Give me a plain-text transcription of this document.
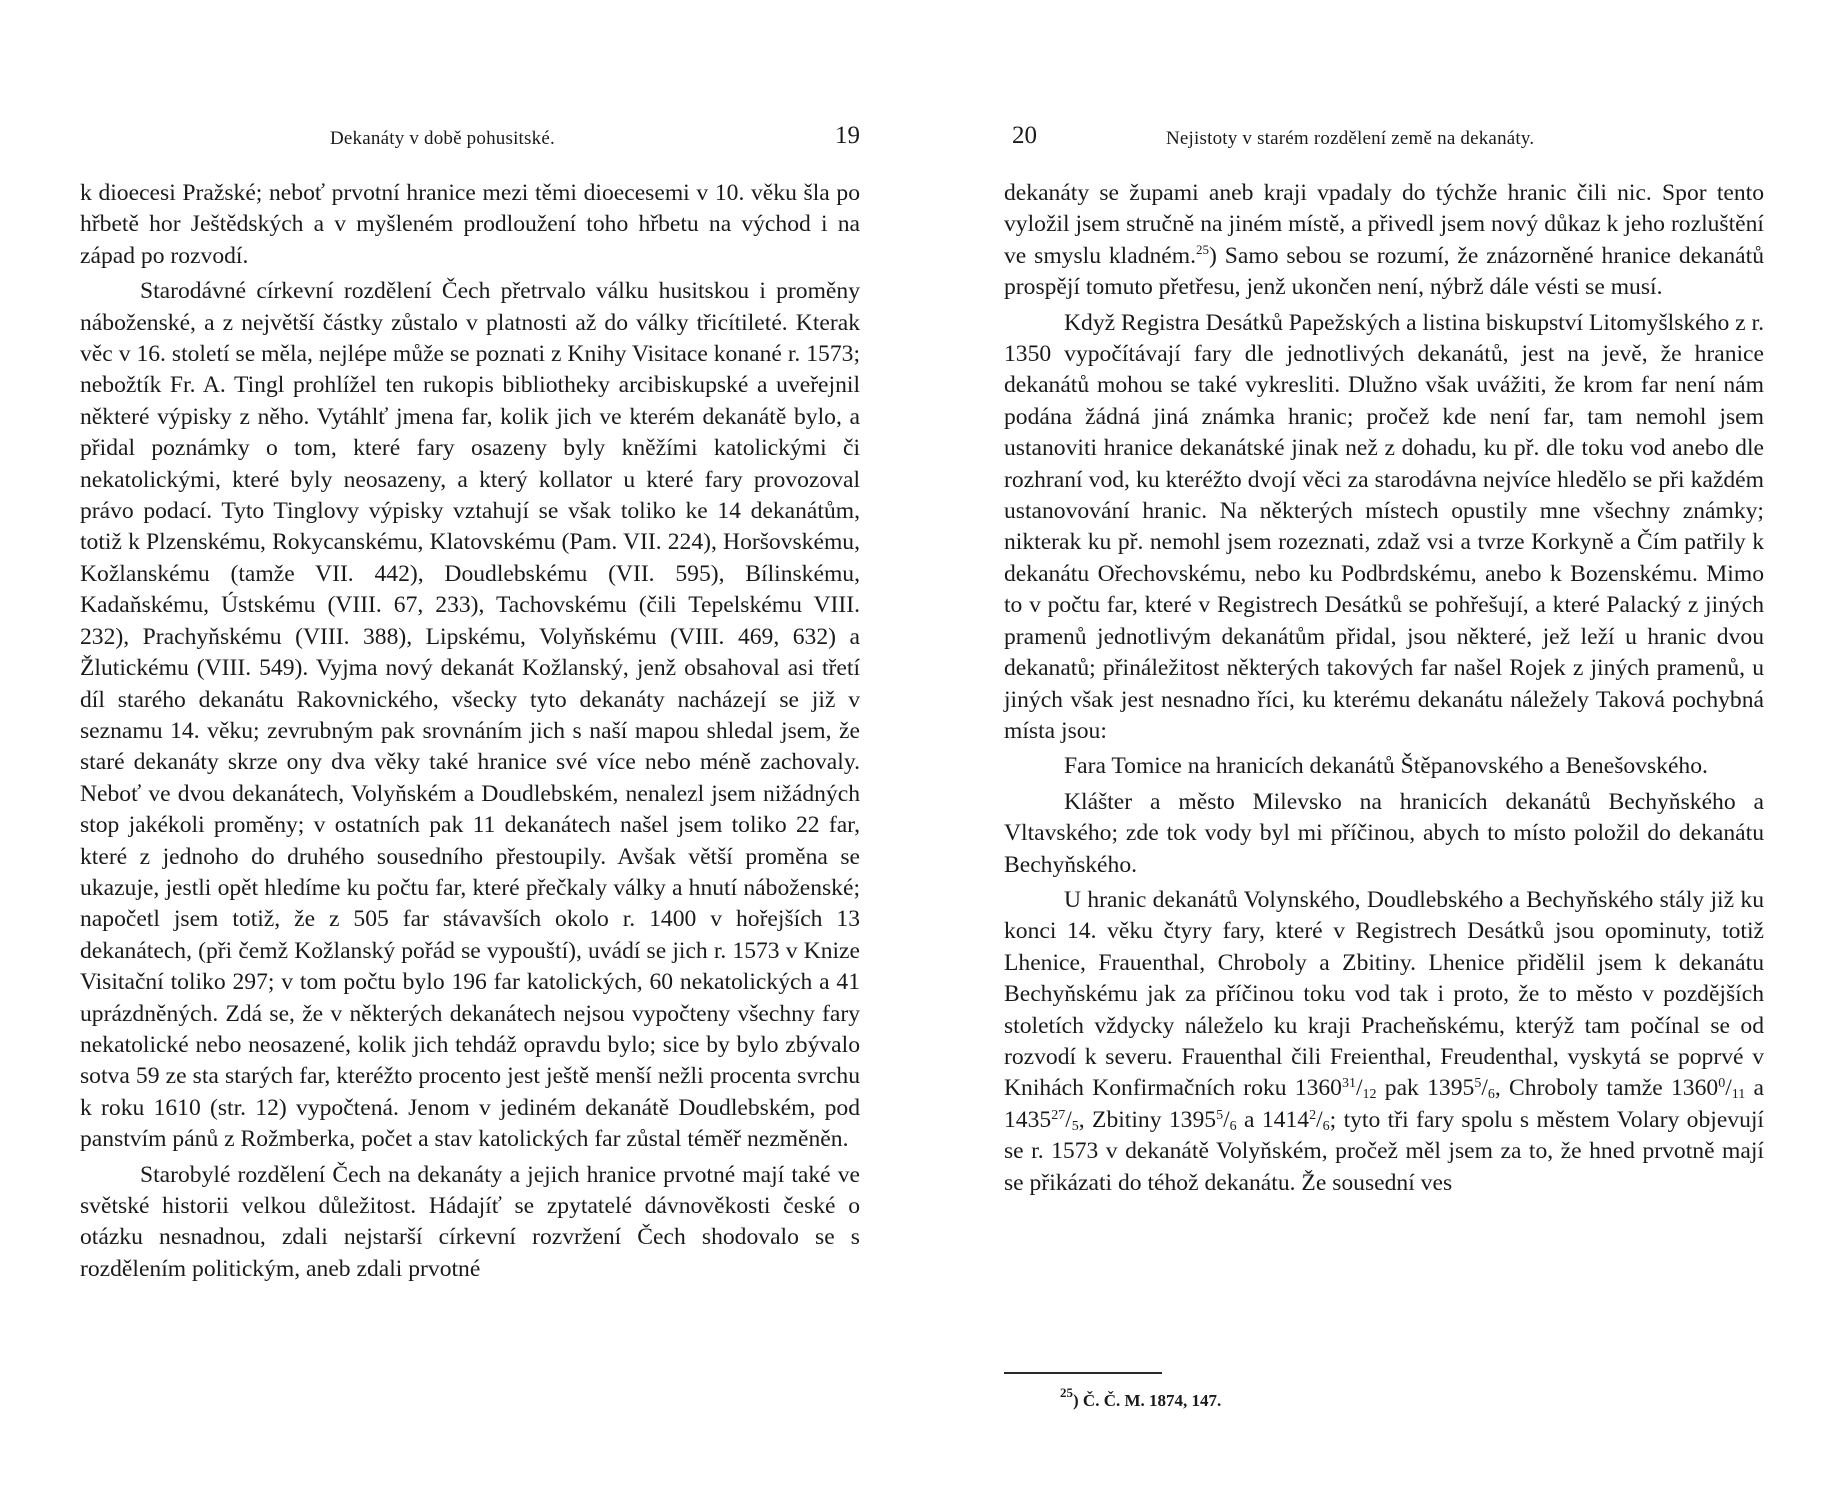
Dekanáty v době pohusitské.	19

k dioecesi Pražské; neboť prvotní hranice mezi těmi dioecesemi v 10. věku šla po hřbetě hor Ještědských a v myšleném prodloužení toho hřbetu na východ i na západ po rozvodí.

Starodávné církevní rozdělení Čech přetrvalo válku husitskou i proměny náboženské, a z největší částky zůstalo v platnosti až do války třicítileté. Kterak věc v 16. století se měla, nejlépe může se poznati z Knihy Visitace konané r. 1573; nebožtík Fr. A. Tingl prohlížel ten rukopis bibliotheky arcibiskupské a uveřejnil některé výpisky z něho. Vytáhlť jmena far, kolik jich ve kterém dekanátě bylo, a přidal poznámky o tom, které fary osazeny byly kněžími katolickými či nekatolickými, které byly neosazeny, a který kollator u které fary provozoval právo podací. Tyto Tinglovy výpisky vztahují se však toliko ke 14 dekanátům, totiž k Plzenskému, Rokycanskému, Klatovskému (Pam. VII. 224), Horšovskému, Kožlanskému (tamže VII. 442), Doudlebskému (VII. 595), Bílinskému, Kadaňskému, Ústskému (VIII. 67, 233), Tachovskému (čili Tepelskému VIII. 232), Prachyňskému (VIII. 388), Lipskému, Volyňskému (VIII. 469, 632) a Žlutickému (VIII. 549). Vyjma nový dekanát Kožlanský, jenž obsahoval asi třetí díl starého dekanátu Rakovnického, všecky tyto dekanáty nacházejí se již v seznamu 14. věku; zevrubným pak srovnáním jich s naší mapou shledal jsem, že staré dekanáty skrze ony dva věky také hranice své více nebo méně zachovaly. Neboť ve dvou dekanátech, Volyňském a Doudlebském, nenalezl jsem nižádných stop jakékoli proměny; v ostatních pak 11 dekanátech našel jsem toliko 22 far, které z jednoho do druhého sousedního přestoupily. Avšak větší proměna se ukazuje, jestli opět hledíme ku počtu far, které přečkaly války a hnutí náboženské; napočetl jsem totiž, že z 505 far stávavších okolo r. 1400 v hořejších 13 dekanátech, (při čemž Kožlanský pořád se vypouští), uvádí se jich r. 1573 v Knize Visitační toliko 297; v tom počtu bylo 196 far katolických, 60 nekatolických a 41 uprázdněných. Zdá se, že v některých dekanátech nejsou vypočteny všechny fary nekatolické nebo neosazené, kolik jich tehdáž opravdu bylo; sice by bylo zbývalo sotva 59 ze sta starých far, kteréžto procento jest ještě menší nežli procenta svrchu k roku 1610 (str. 12) vypočtená. Jenom v jediném dekanátě Doudlebském, pod panstvím pánů z Rožmberka, počet a stav katolických far zůstal téměř nezměněn.

Starobylé rozdělení Čech na dekanáty a jejich hranice prvotné mají také ve světské historii velkou důležitost. Hádajíť se zpytatelé dávnověkosti české o otázku nesnadnou, zdali nejstarší církevní rozvržení Čech shodovalo se s rozdělením politickým, aneb zdali prvotné

20	Nejistoty v starém rozdělení země na dekanáty.

dekanáty se župami aneb kraji vpadaly do týchže hranic čili nic. Spor tento vyložil jsem stručně na jiném místě, a přivedl jsem nový důkaz k jeho rozluštění ve smyslu kladném.$^{25}$) Samo sebou se rozumí, že znázorněné hranice dekanátů prospějí tomuto přetřesu, jenž ukončen není, nýbrž dále vésti se musí.

Když Registra Desátků Papežských a listina biskupství Litomyšlského z r. 1350 vypočítávají fary dle jednotlivých dekanátů, jest na jevě, že hranice dekanátů mohou se také vykresliti. Dlužno však uvážiti, že krom far není nám podána žádná jiná známka hranic; pročež kde není far, tam nemohl jsem ustanoviti hranice dekanátské jinak než z dohadu, ku př. dle toku vod anebo dle rozhraní vod, ku kteréžto dvojí věci za starodávna nejvíce hledělo se při každém ustanovování hranic. Na některých místech opustily mne všechny známky; nikterak ku př. nemohl jsem rozeznati, zdaž vsi a tvrze Korkyně a Čím patřily k dekanátu Ořechovskému, nebo ku Podbrdskému, anebo k Bozenskému. Mimo to v počtu far, které v Registrech Desátků se pohřešují, a které Palacký z jiných pramenů jednotlivým dekanátům přidal, jsou některé, jež leží u hranic dvou dekanatů; přináležitost některých takových far našel Rojek z jiných pramenů, u jiných však jest nesnadno říci, ku kterému dekanátu náležely Taková pochybná místa jsou:

Fara Tomice na hranicích dekanátů Štěpanovského a Benešovského.

Klášter a město Milevsko na hranicích dekanátů Bechyňského a Vltavského; zde tok vody byl mi příčinou, abych to místo položil do dekanátu Bechyňského.

U hranic dekanátů Volynského, Doudlebského a Bechyňského stály již ku konci 14. věku čtyry fary, které v Registrech Desátků jsou opominuty, totiž Lhenice, Frauenthal, Chroboly a Zbitiny. Lhenice přidělil jsem k dekanátu Bechyňskému jak za příčinou toku vod tak i proto, že to město v pozdějších stoletích vždycky náleželo ku kraji Pracheňskému, kterýž tam počínal se od rozvodí k severu. Frauenthal čili Freienthal, Freudenthal, vyskytá se poprvé v Knihách Konfirmačních roku 1360$^{31}$/12 pak 1395$^5$/6, Chroboly tamže 1360$^0$/11 a 1435$^{27}$/5, Zbitiny 1395$^5$/6 a 1414$^2$/6; tyto tři fary spolu s městem Volary objevují se r. 1573 v dekanátě Volyňském, pročež měl jsem za to, že hned prvotně mají se přikázati do téhož dekanátu. Že sousední ves

$^{25}$) Č. Č. M. 1874, 147.
